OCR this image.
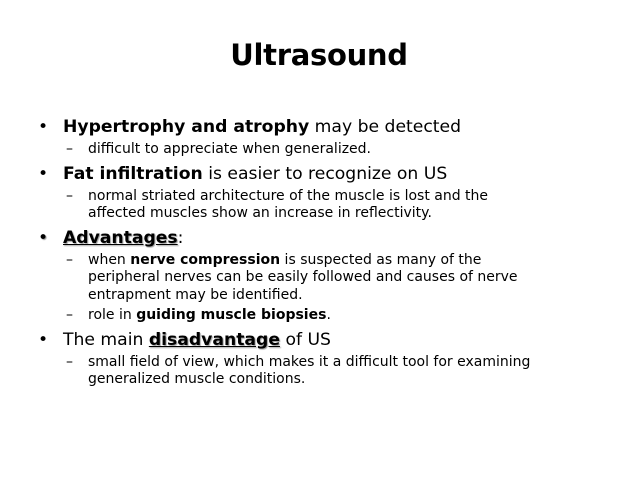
Ultrasound
• Hypertrophy and atrophy may be detected
– difficult to appreciate when generalized.
• Fat infiltration is easier to recognize on US
– normal striated architecture of the muscle is lost and the
affected muscles show an increase in reflectivity.
• Advantages:
– when nerve compression is suspected as many of the
peripheral nerves can be easily followed and causes of nerve
entrapment may be identified.
– role in guiding muscle biopsies.
• The main disadvantage of US
– small field of view, which makes it a difficult tool for examining
generalized muscle conditions.
